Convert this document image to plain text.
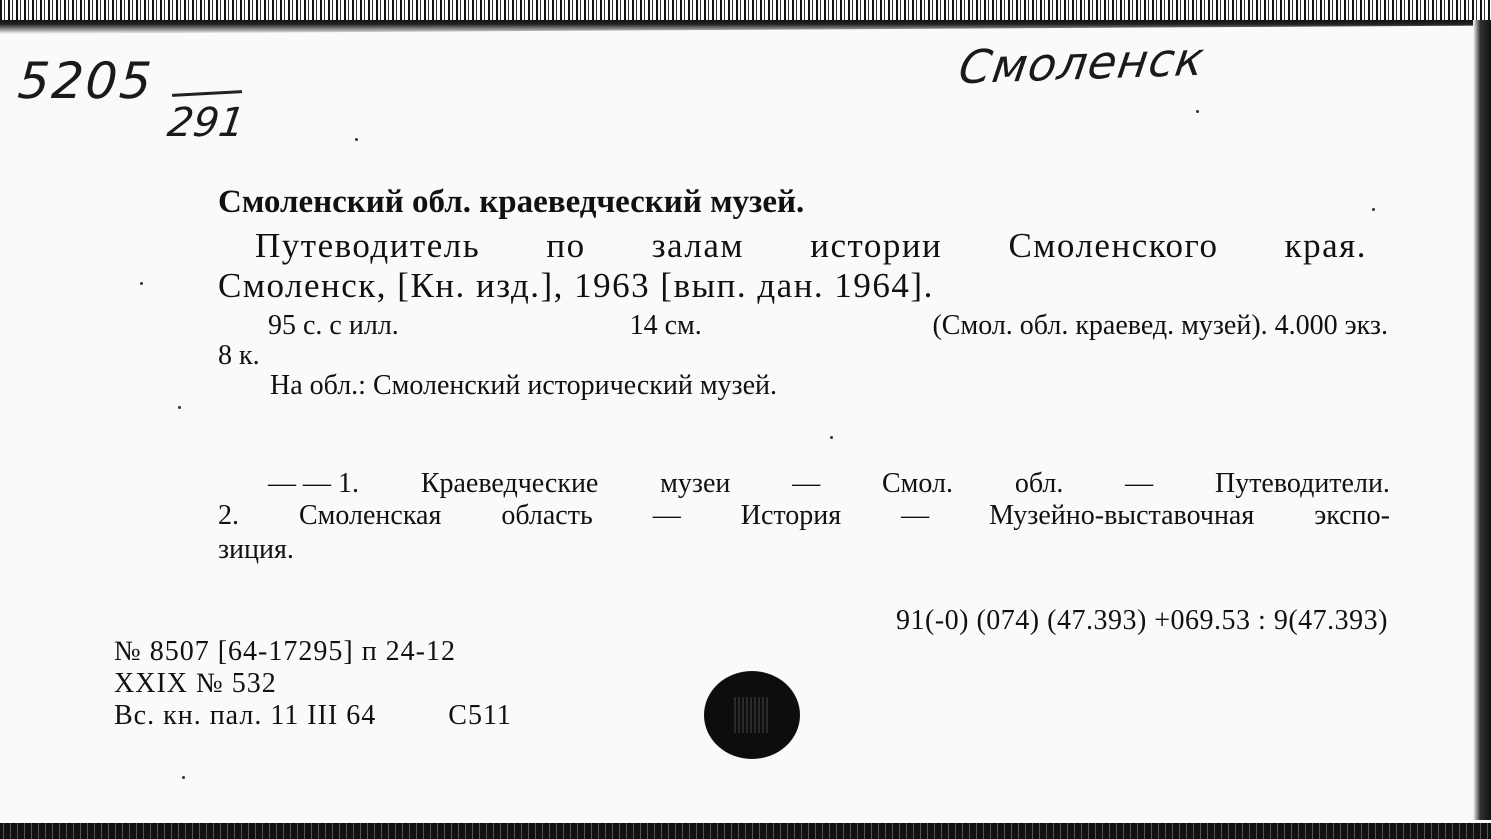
5205
291
Смоленск
Смоленский обл. краеведческий музей.
Путеводитель по залам истории Смоленского края.
Смоленск, [Кн. изд.], 1963 [вып. дан. 1964].
95 с. с илл.	14 см.	(Смол. обл. краевед. музей). 4.000 экз.
8 к.
На обл.: Смоленский исторический музей.
— — 1. Краеведческие музеи — Смол. обл. — Путеводители.
2. Смоленская область — История — Музейно-выставочная экспо-
зиция.
91(-0) (074) (47.393) +069.53 : 9(47.393)
№ 8507 [64-17295] п 24-12
XXIX № 532
Вс. кн. пал. 11 III 64	С511
